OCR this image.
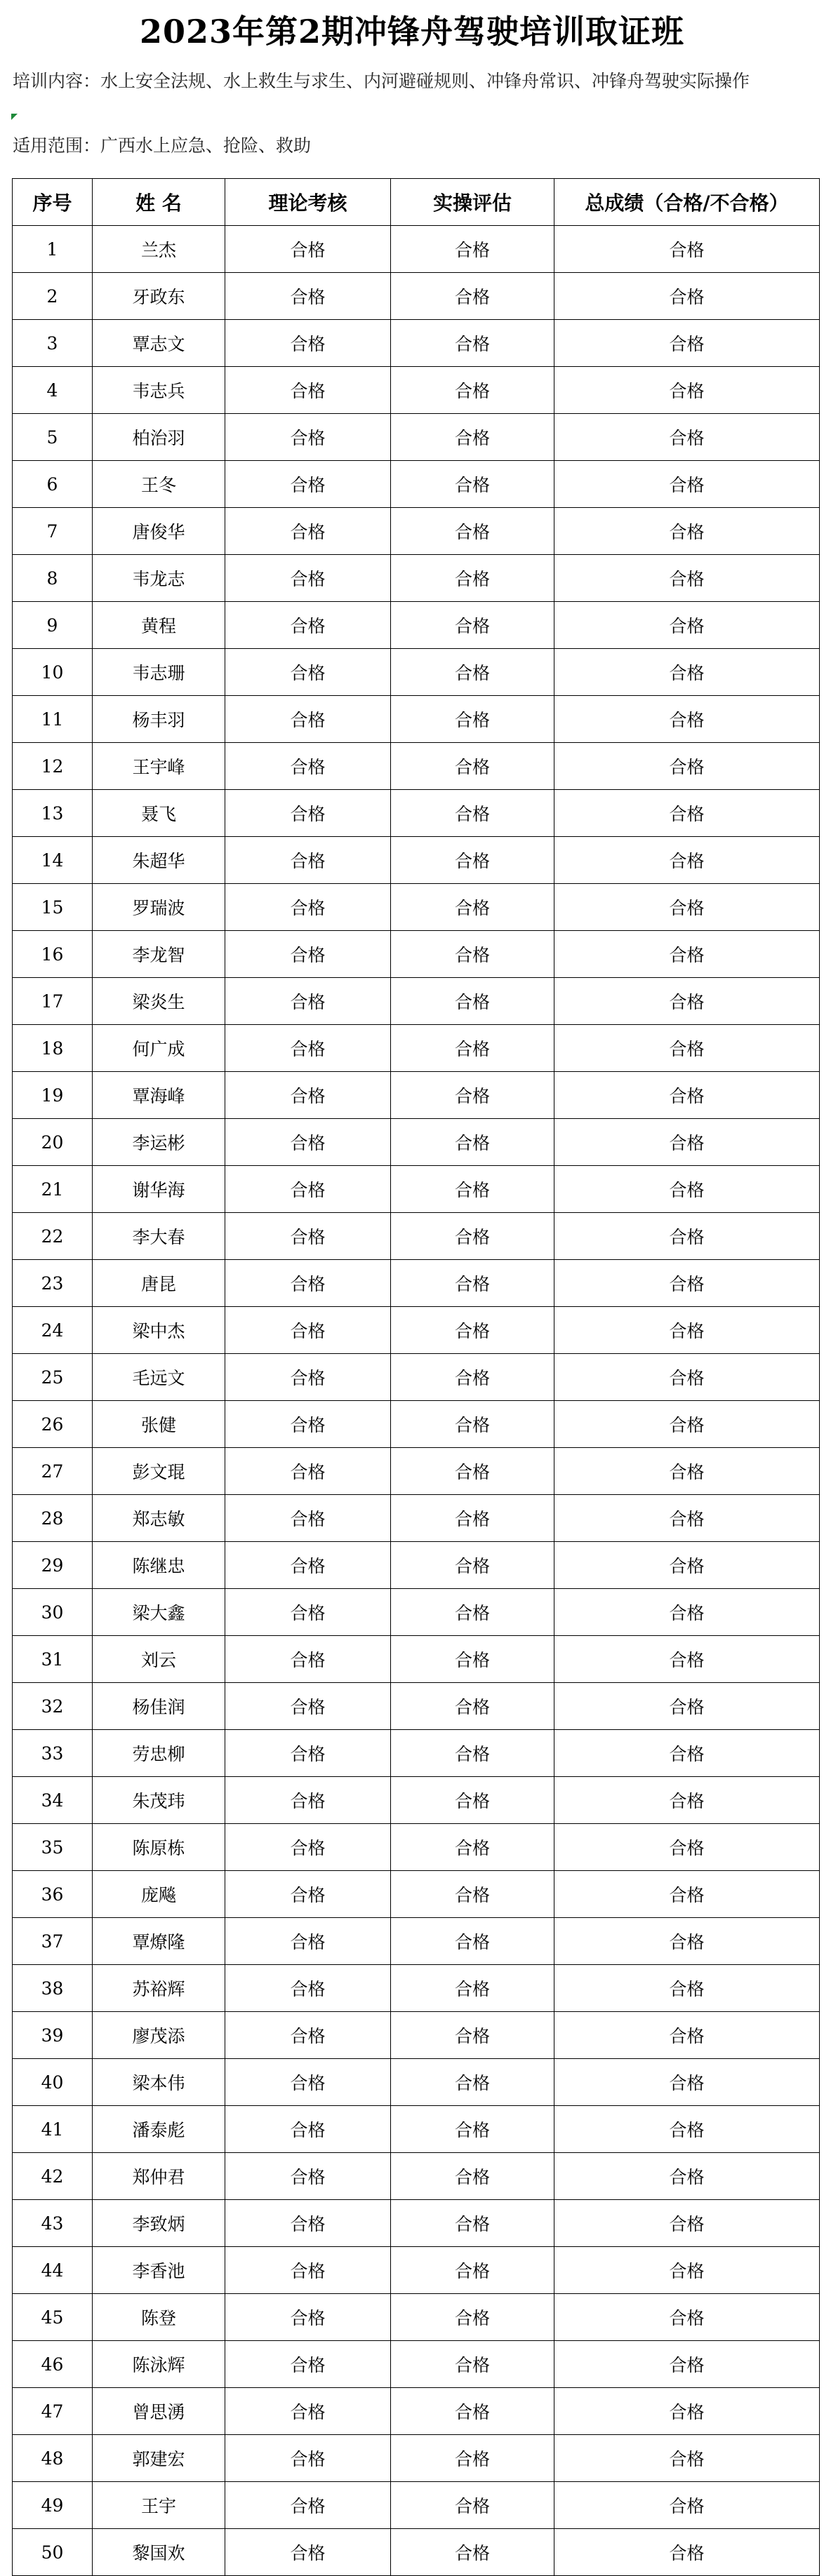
2023年第2期冲锋舟驾驶培训取证班
培训内容：水上安全法规、水上救生与求生、内河避碰规则、冲锋舟常识、冲锋舟驾驶实际操作
适用范围：广西水上应急、抢险、救助
序号	姓 名	理论考核	实操评估	总成绩（合格/不合格）
1	兰杰	合格	合格	合格
2	牙政东	合格	合格	合格
3	覃志文	合格	合格	合格
4	韦志兵	合格	合格	合格
5	柏治羽	合格	合格	合格
6	王冬	合格	合格	合格
7	唐俊华	合格	合格	合格
8	韦龙志	合格	合格	合格
9	黄程	合格	合格	合格
10	韦志珊	合格	合格	合格
11	杨丰羽	合格	合格	合格
12	王宇峰	合格	合格	合格
13	聂飞	合格	合格	合格
14	朱超华	合格	合格	合格
15	罗瑞波	合格	合格	合格
16	李龙智	合格	合格	合格
17	梁炎生	合格	合格	合格
18	何广成	合格	合格	合格
19	覃海峰	合格	合格	合格
20	李运彬	合格	合格	合格
21	谢华海	合格	合格	合格
22	李大春	合格	合格	合格
23	唐昆	合格	合格	合格
24	梁中杰	合格	合格	合格
25	毛远文	合格	合格	合格
26	张健	合格	合格	合格
27	彭文琨	合格	合格	合格
28	郑志敏	合格	合格	合格
29	陈继忠	合格	合格	合格
30	梁大鑫	合格	合格	合格
31	刘云	合格	合格	合格
32	杨佳润	合格	合格	合格
33	劳忠柳	合格	合格	合格
34	朱茂玮	合格	合格	合格
35	陈原栋	合格	合格	合格
36	庞飚	合格	合格	合格
37	覃燎隆	合格	合格	合格
38	苏裕辉	合格	合格	合格
39	廖茂添	合格	合格	合格
40	梁本伟	合格	合格	合格
41	潘泰彪	合格	合格	合格
42	郑仲君	合格	合格	合格
43	李致炳	合格	合格	合格
44	李香池	合格	合格	合格
45	陈登	合格	合格	合格
46	陈泳辉	合格	合格	合格
47	曾思湧	合格	合格	合格
48	郭建宏	合格	合格	合格
49	王宇	合格	合格	合格
50	黎国欢	合格	合格	合格
